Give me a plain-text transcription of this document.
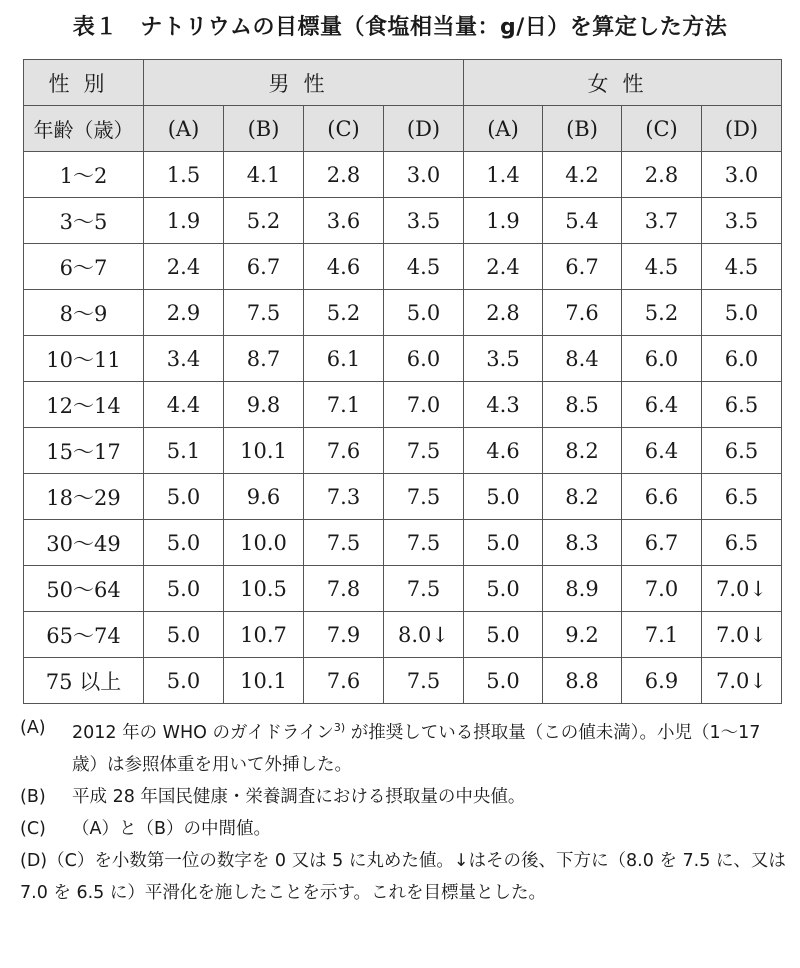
表１　ナトリウムの目標量（食塩相当量：g/日）を算定した方法
性別	男性				女性			
年齢（歳）	(A)	(B)	(C)	(D)	(A)	(B)	(C)	(D)
1～2	1.5	4.1	2.8	3.0	1.4	4.2	2.8	3.0
3～5	1.9	5.2	3.6	3.5	1.9	5.4	3.7	3.5
6～7	2.4	6.7	4.6	4.5	2.4	6.7	4.5	4.5
8～9	2.9	7.5	5.2	5.0	2.8	7.6	5.2	5.0
10～11	3.4	8.7	6.1	6.0	3.5	8.4	6.0	6.0
12～14	4.4	9.8	7.1	7.0	4.3	8.5	6.4	6.5
15～17	5.1	10.1	7.6	7.5	4.6	8.2	6.4	6.5
18～29	5.0	9.6	7.3	7.5	5.0	8.2	6.6	6.5
30～49	5.0	10.0	7.5	7.5	5.0	8.3	6.7	6.5
50～64	5.0	10.5	7.8	7.5	5.0	8.9	7.0	7.0↓
65～74	5.0	10.7	7.9	8.0↓	5.0	9.2	7.1	7.0↓
75 以上	5.0	10.1	7.6	7.5	5.0	8.8	6.9	7.0↓
(A) 2012 年の WHO のガイドライン$^{3)}$ が推奨している摂取量（この値未満）。小児（1～17 歳）は参照体重を用いて外挿した。
(B) 平成 28 年国民健康・栄養調査における摂取量の中央値。
(C) （A）と（B）の中間値。
(D)（C）を小数第一位の数字を 0 又は 5 に丸めた値。↓はその後、下方に（8.0 を 7.5 に、又は 7.0 を 6.5 に）平滑化を施したことを示す。これを目標量とした。
